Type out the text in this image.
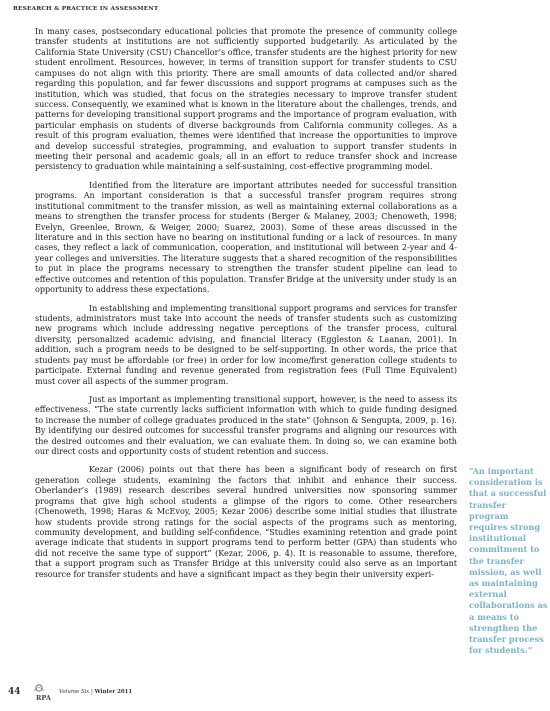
RESEARCH & PRACTICE IN ASSESSMENT

In many cases, postsecondary educational policies that promote the presence of community college transfer students at institutions are not sufficiently supported budgetarily. As articulated by the California State University (CSU) Chancellor’s office, transfer students are the highest priority for new student enrollment. Resources, however, in terms of transition support for transfer students to CSU campuses do not align with this priority. There are small amounts of data collected and/or shared regarding this population, and far fewer discussions and support programs at campuses such as the institution, which was studied, that focus on the strategies necessary to improve transfer student success. Consequently, we examined what is known in the literature about the challenges, trends, and patterns for developing transitional support programs and the importance of program evaluation, with particular emphasis on students of diverse backgrounds from California community colleges. As a result of this program evaluation, themes were identified that increase the opportunities to improve and develop successful strategies, programming, and evaluation to support transfer students in meeting their personal and academic goals; all in an effort to reduce transfer shock and increase persistency to graduation while maintaining a self-sustaining, cost-effective programming model.

Identified from the literature are important attributes needed for successful transition programs. An important consideration is that a successful transfer program requires strong institutional commitment to the transfer mission, as well as maintaining external collaborations as a means to strengthen the transfer process for students (Berger & Malaney, 2003; Chenoweth, 1998; Evelyn, Greenlee, Brown, & Weiger, 2000; Suarez, 2003). Some of these areas discussed in the literature and in this section have no bearing on institutional funding or a lack of resources. In many cases, they reflect a lack of communication, cooperation, and institutional will between 2-year and 4-year colleges and universities. The literature suggests that a shared recognition of the responsibilities to put in place the programs necessary to strengthen the transfer student pipeline can lead to effective outcomes and retention of this population. Transfer Bridge at the university under study is an opportunity to address these expectations.

In establishing and implementing transitional support programs and services for transfer students, administrators must take into account the needs of transfer students such as customizing new programs which include addressing negative perceptions of the transfer process, cultural diversity, personalized academic advising, and financial literacy (Eggleston & Laanan, 2001). In addition, such a program needs to be designed to be self-supporting. In other words, the price that students pay must be affordable (or free) in order for low income/first generation college students to participate. External funding and revenue generated from registration fees (Full Time Equivalent) must cover all aspects of the summer program.

Just as important as implementing transitional support, however, is the need to assess its effectiveness. “The state currently lacks sufficient information with which to guide funding designed to increase the number of college graduates produced in the state” (Johnson & Sengupta, 2009, p. 16). By identifying our desired outcomes for successful transfer programs and aligning our resources with the desired outcomes and their evaluation, we can evaluate them. In doing so, we can examine both our direct costs and opportunity costs of student retention and success.

Kezar (2006) points out that there has been a significant body of research on first generation college students, examining the factors that inhibit and enhance their success. Oberlander’s (1989) research describes several hundred universities now sponsoring summer programs that give high school students a glimpse of the rigors to come. Other researchers (Chenoweth, 1998; Haras & McEvoy, 2005; Kezar 2006) describe some initial studies that illustrate how students provide strong ratings for the social aspects of the programs such as mentoring, community development, and building self-confidence. “Studies examining retention and grade point average indicate that students in support programs tend to perform better (GPA) than students who did not receive the same type of support” (Kezar, 2006, p. 4). It is reasonable to assume, therefore, that a support program such as Transfer Bridge at this university could also serve as an important resource for transfer students and have a significant impact as they begin their university experi-

“An important consideration is that a successful transfer program requires strong institutional commitment to the transfer mission, as well as maintaining external collaborations as a means to strengthen the transfer process for students.”
44
RPA
Volume Six | Winter 2011
